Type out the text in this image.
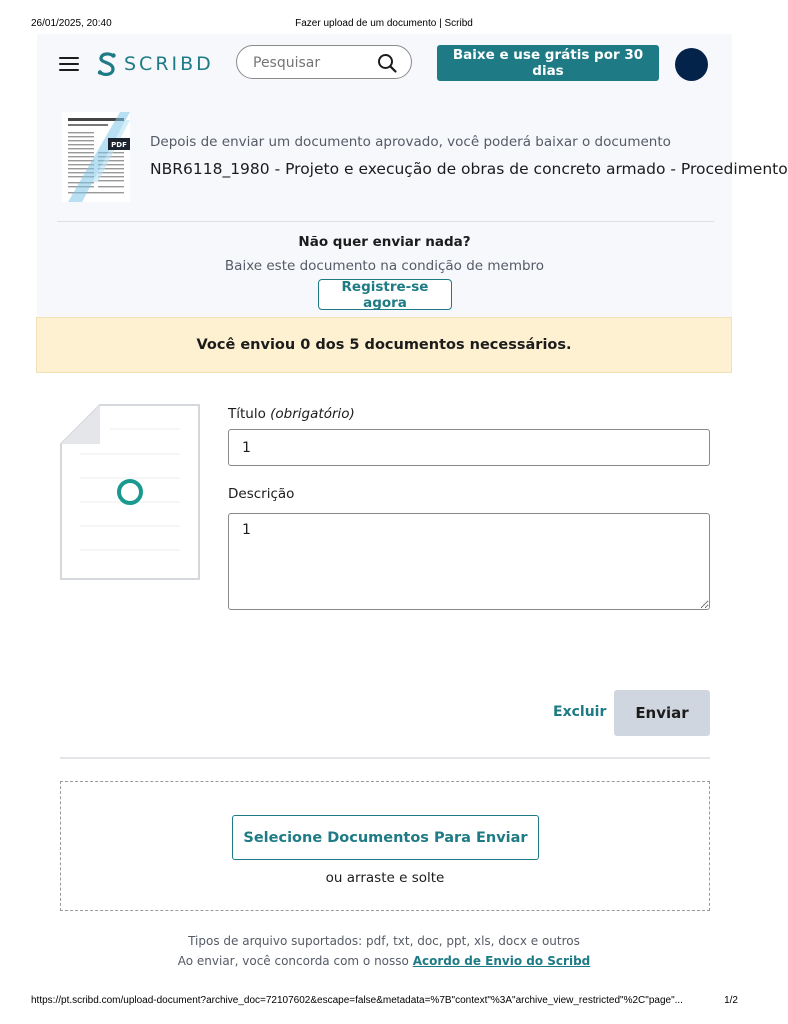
26/01/2025, 20:40	Fazer upload de um documento | Scribd
SCRIBD
Pesquisar	Baixe e use grátis por 30 dias
PDF Depois de enviar um documento aprovado, você poderá baixar o documento
NBR6118_1980 - Projeto e execução de obras de concreto armado - Procedimento
Não quer enviar nada?
Baixe este documento na condição de membro
Registre-se agora
Você enviou 0 dos 5 documentos necessários.
Título (obrigatório)
1
Descrição
1
Excluir	Enviar
Selecione Documentos Para Enviar
ou arraste e solte
Tipos de arquivo suportados: pdf, txt, doc, ppt, xls, docx e outros
Ao enviar, você concorda com o nosso Acordo de Envio do Scribd
https://pt.scribd.com/upload-document?archive_doc=72107602&escape=false&metadata=%7B"context"%3A"archive_view_restricted"%2C"page"...	1/2
